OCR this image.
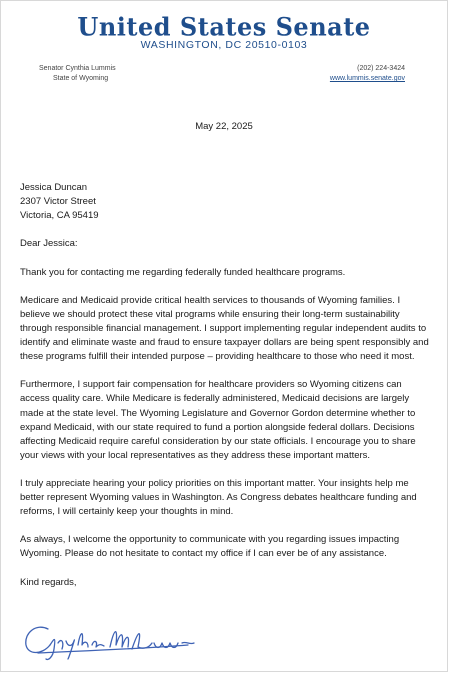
United States Senate
WASHINGTON, DC 20510-0103
Senator Cynthia Lummis
State of Wyoming
(202) 224-3424
www.lummis.senate.gov
May 22, 2025
Jessica Duncan
2307 Victor Street
Victoria, CA 95419
Dear Jessica:
Thank you for contacting me regarding federally funded healthcare programs.
Medicare and Medicaid provide critical health services to thousands of Wyoming families. I believe we should protect these vital programs while ensuring their long-term sustainability through responsible financial management. I support implementing regular independent audits to identify and eliminate waste and fraud to ensure taxpayer dollars are being spent responsibly and these programs fulfill their intended purpose – providing healthcare to those who need it most.
Furthermore, I support fair compensation for healthcare providers so Wyoming citizens can access quality care. While Medicare is federally administered, Medicaid decisions are largely made at the state level. The Wyoming Legislature and Governor Gordon determine whether to expand Medicaid, with our state required to fund a portion alongside federal dollars. Decisions affecting Medicaid require careful consideration by our state officials. I encourage you to share your views with your local representatives as they address these important matters.
I truly appreciate hearing your policy priorities on this important matter. Your insights help me better represent Wyoming values in Washington. As Congress debates healthcare funding and reforms, I will certainly keep your thoughts in mind.
As always, I welcome the opportunity to communicate with you regarding issues impacting Wyoming. Please do not hesitate to contact my office if I can ever be of any assistance.
Kind regards,
